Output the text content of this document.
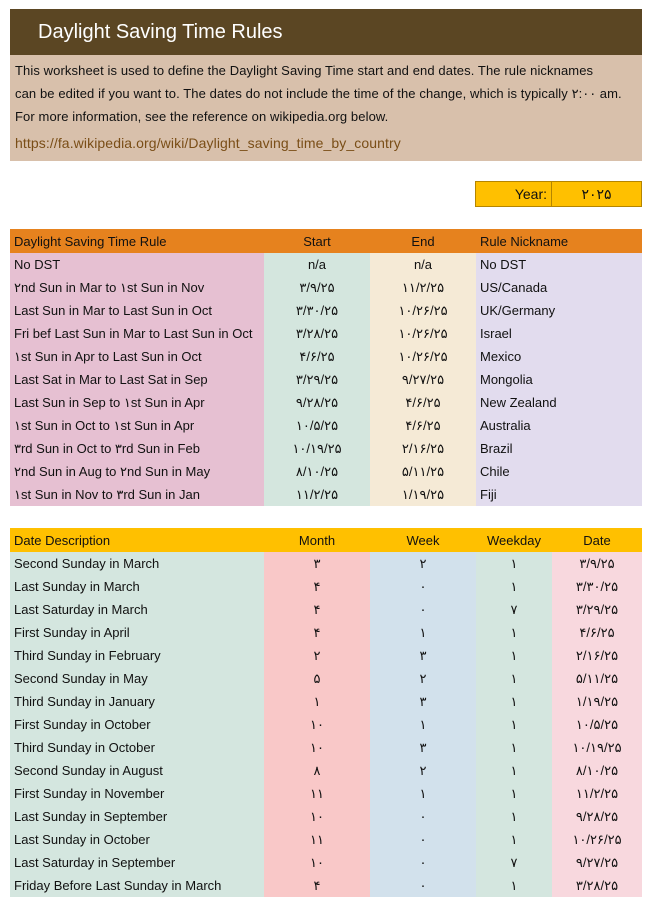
Daylight Saving Time Rules
This worksheet is used to define the Daylight Saving Time start and end dates. The rule nicknames
can be edited if you want to. The dates do not include the time of the change, which is typically ۲:۰۰ am.
For more information, see the reference on wikipedia.org below.
https://fa.wikipedia.org/wiki/Daylight_saving_time_by_country
Year:	۲۰۲۵
Daylight Saving Time Rule	Start	End	Rule Nickname
No DST	n/a	n/a	No DST
۲nd Sun in Mar to ۱st Sun in Nov	۳/۹/۲۵	۱۱/۲/۲۵	US/Canada
Last Sun in Mar to Last Sun in Oct	۳/۳۰/۲۵	۱۰/۲۶/۲۵	UK/Germany
Fri bef Last Sun in Mar to Last Sun in Oct	۳/۲۸/۲۵	۱۰/۲۶/۲۵	Israel
۱st Sun in Apr to Last Sun in Oct	۴/۶/۲۵	۱۰/۲۶/۲۵	Mexico
Last Sat in Mar to Last Sat in Sep	۳/۲۹/۲۵	۹/۲۷/۲۵	Mongolia
Last Sun in Sep to ۱st Sun in Apr	۹/۲۸/۲۵	۴/۶/۲۵	New Zealand
۱st Sun in Oct to ۱st Sun in Apr	۱۰/۵/۲۵	۴/۶/۲۵	Australia
۳rd Sun in Oct to ۳rd Sun in Feb	۱۰/۱۹/۲۵	۲/۱۶/۲۵	Brazil
۲nd Sun in Aug to ۲nd Sun in May	۸/۱۰/۲۵	۵/۱۱/۲۵	Chile
۱st Sun in Nov to ۳rd Sun in Jan	۱۱/۲/۲۵	۱/۱۹/۲۵	Fiji
Date Description	Month	Week	Weekday	Date
Second Sunday in March	۳	۲	۱	۳/۹/۲۵
Last Sunday in March	۴	۰	۱	۳/۳۰/۲۵
Last Saturday in March	۴	۰	۷	۳/۲۹/۲۵
First Sunday in April	۴	۱	۱	۴/۶/۲۵
Third Sunday in February	۲	۳	۱	۲/۱۶/۲۵
Second Sunday in May	۵	۲	۱	۵/۱۱/۲۵
Third Sunday in January	۱	۳	۱	۱/۱۹/۲۵
First Sunday in October	۱۰	۱	۱	۱۰/۵/۲۵
Third Sunday in October	۱۰	۳	۱	۱۰/۱۹/۲۵
Second Sunday in August	۸	۲	۱	۸/۱۰/۲۵
First Sunday in November	۱۱	۱	۱	۱۱/۲/۲۵
Last Sunday in September	۱۰	۰	۱	۹/۲۸/۲۵
Last Sunday in October	۱۱	۰	۱	۱۰/۲۶/۲۵
Last Saturday in September	۱۰	۰	۷	۹/۲۷/۲۵
Friday Before Last Sunday in March	۴	۰	۱	۳/۲۸/۲۵
